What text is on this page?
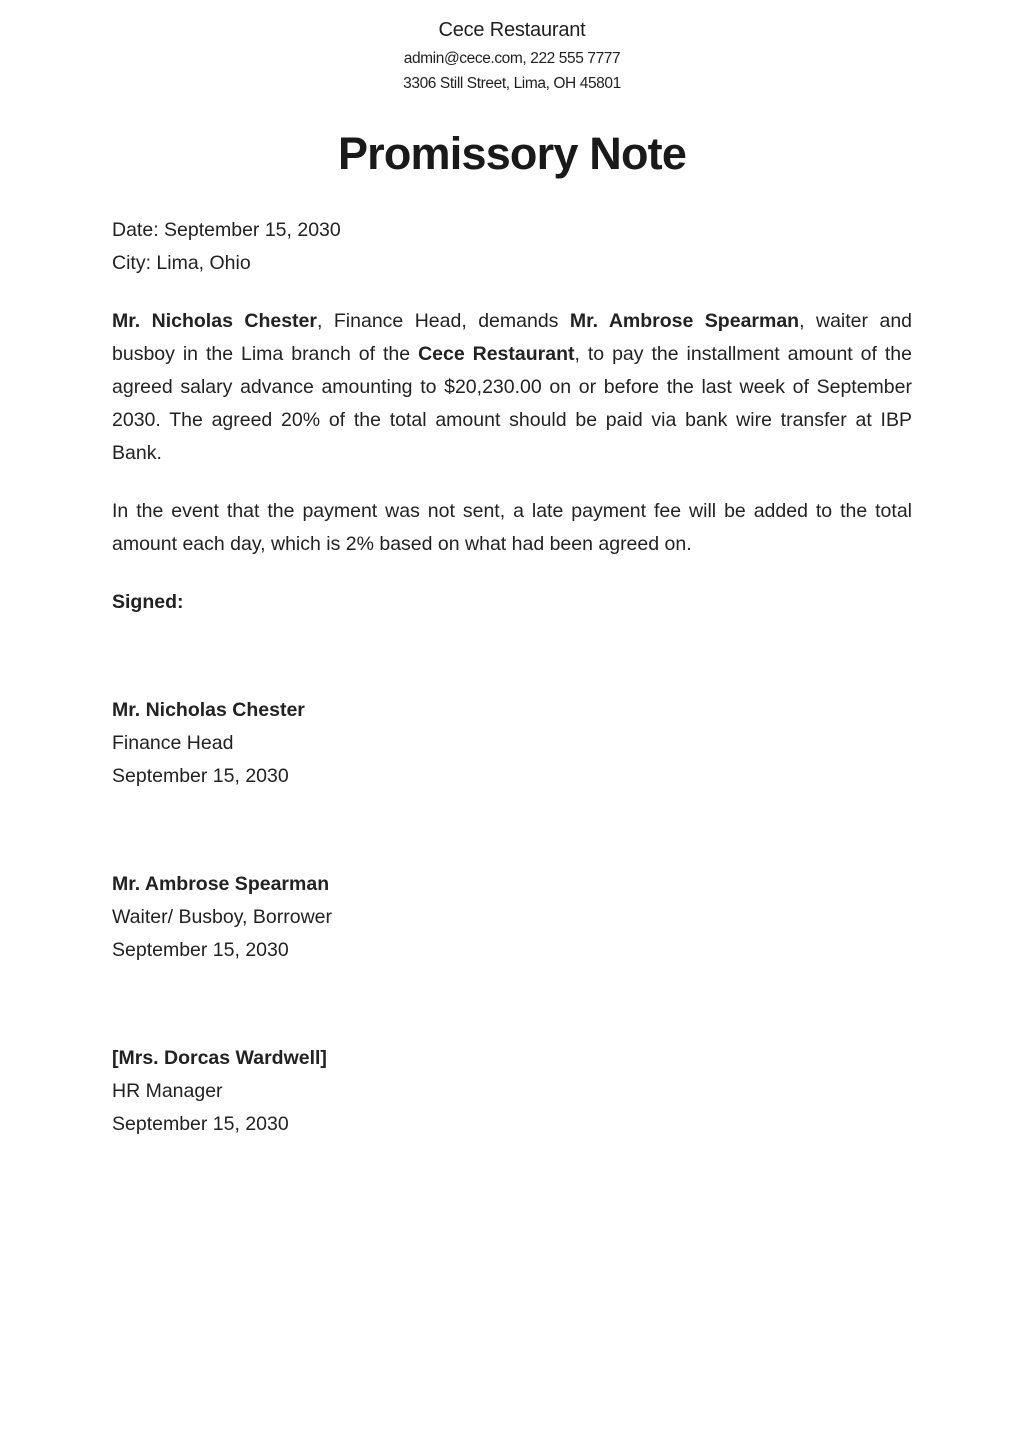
Cece Restaurant
admin@cece.com, 222 555 7777
3306 Still Street, Lima, OH 45801
Promissory Note
Date: September 15, 2030
City: Lima, Ohio

Mr. Nicholas Chester, Finance Head, demands Mr. Ambrose Spearman, waiter and busboy in the Lima branch of the Cece Restaurant, to pay the installment amount of the agreed salary advance amounting to $20,230.00 on or before the last week of September 2030. The agreed 20% of the total amount should be paid via bank wire transfer at IBP Bank.

In the event that the payment was not sent, a late payment fee will be added to the total amount each day, which is 2% based on what had been agreed on.

Signed:
Mr. Nicholas Chester
Finance Head
September 15, 2030
Mr. Ambrose Spearman
Waiter/ Busboy, Borrower
September 15, 2030
[Mrs. Dorcas Wardwell]
HR Manager
September 15, 2030
